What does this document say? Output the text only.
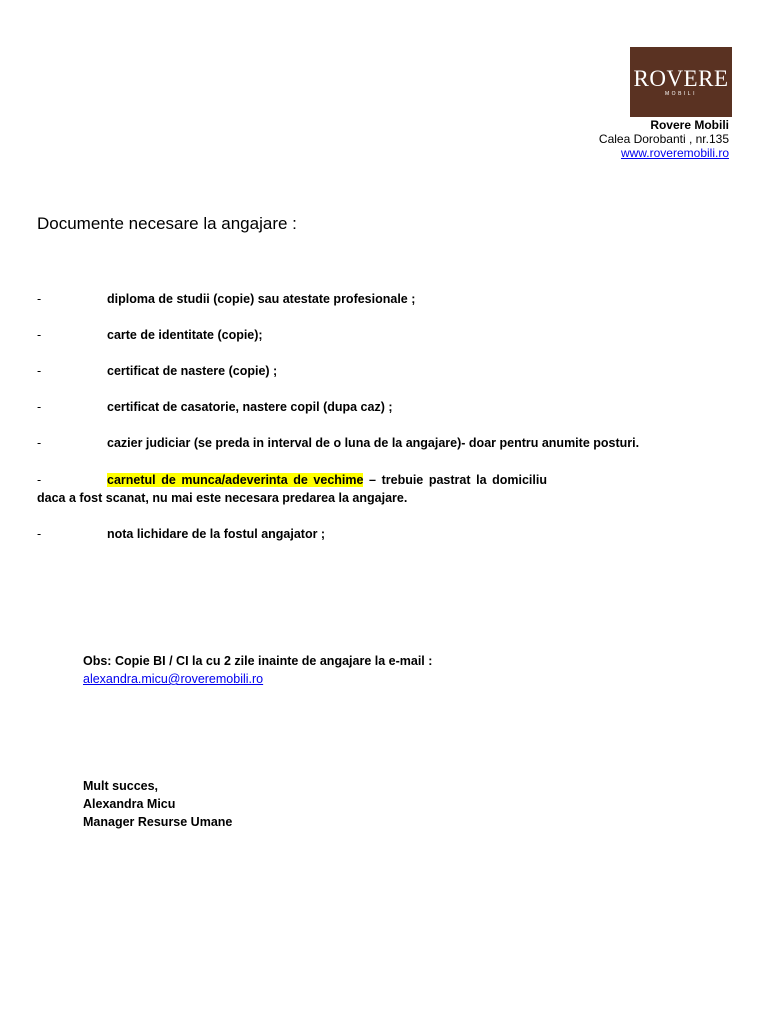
ROVERE
MOBILI
Rovere Mobili
Calea Dorobanti , nr.135
www.roveremobili.ro
Documente necesare la angajare :
-	diploma de studii (copie) sau atestate profesionale ;
-	carte de identitate (copie);
-	certificat de nastere (copie) ;
-	certificat de casatorie, nastere copil (dupa caz) ;
-	cazier judiciar (se preda in interval de o luna de la angajare)- doar pentru anumite posturi.
-	carnetul de munca/adeverinta de vechime – trebuie pastrat la domiciliu daca a fost scanat, nu mai este necesara predarea la angajare.
-	nota lichidare de la fostul angajator ;
Obs: Copie BI / CI la cu 2 zile inainte de angajare la e-mail :
alexandra.micu@roveremobili.ro
Mult succes,
Alexandra Micu
Manager Resurse Umane
